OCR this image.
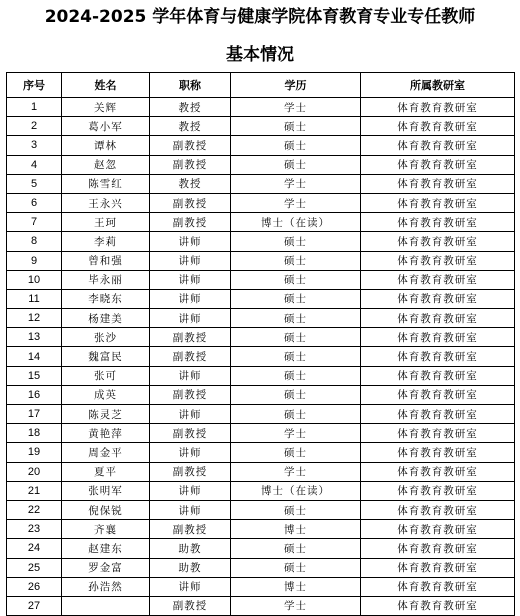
2024-2025 学年体育与健康学院体育教育专业专任教师
基本情况
序号	姓名	职称	学历	所属教研室
1	关辉	教授	学士	体育教育教研室
2	葛小军	教授	硕士	体育教育教研室
3	谭林	副教授	硕士	体育教育教研室
4	赵忽	副教授	硕士	体育教育教研室
5	陈雪红	教授	学士	体育教育教研室
6	王永兴	副教授	学士	体育教育教研室
7	王珂	副教授	博士（在读）	体育教育教研室
8	李莉	讲师	硕士	体育教育教研室
9	曾和强	讲师	硕士	体育教育教研室
10	毕永丽	讲师	硕士	体育教育教研室
11	李晓东	讲师	硕士	体育教育教研室
12	杨建美	讲师	硕士	体育教育教研室
13	张沙	副教授	硕士	体育教育教研室
14	魏富民	副教授	硕士	体育教育教研室
15	张可	讲师	硕士	体育教育教研室
16	成英	副教授	硕士	体育教育教研室
17	陈灵芝	讲师	硕士	体育教育教研室
18	黄艳萍	副教授	学士	体育教育教研室
19	周金平	讲师	硕士	体育教育教研室
20	夏平	副教授	学士	体育教育教研室
21	张明军	讲师	博士（在读）	体育教育教研室
22	倪保锐	讲师	硕士	体育教育教研室
23	齐襄	副教授	博士	体育教育教研室
24	赵建东	助教	硕士	体育教育教研室
25	罗金富	助教	硕士	体育教育教研室
26	孙浩然	讲师	博士	体育教育教研室
27		副教授	学士	体育教育教研室
